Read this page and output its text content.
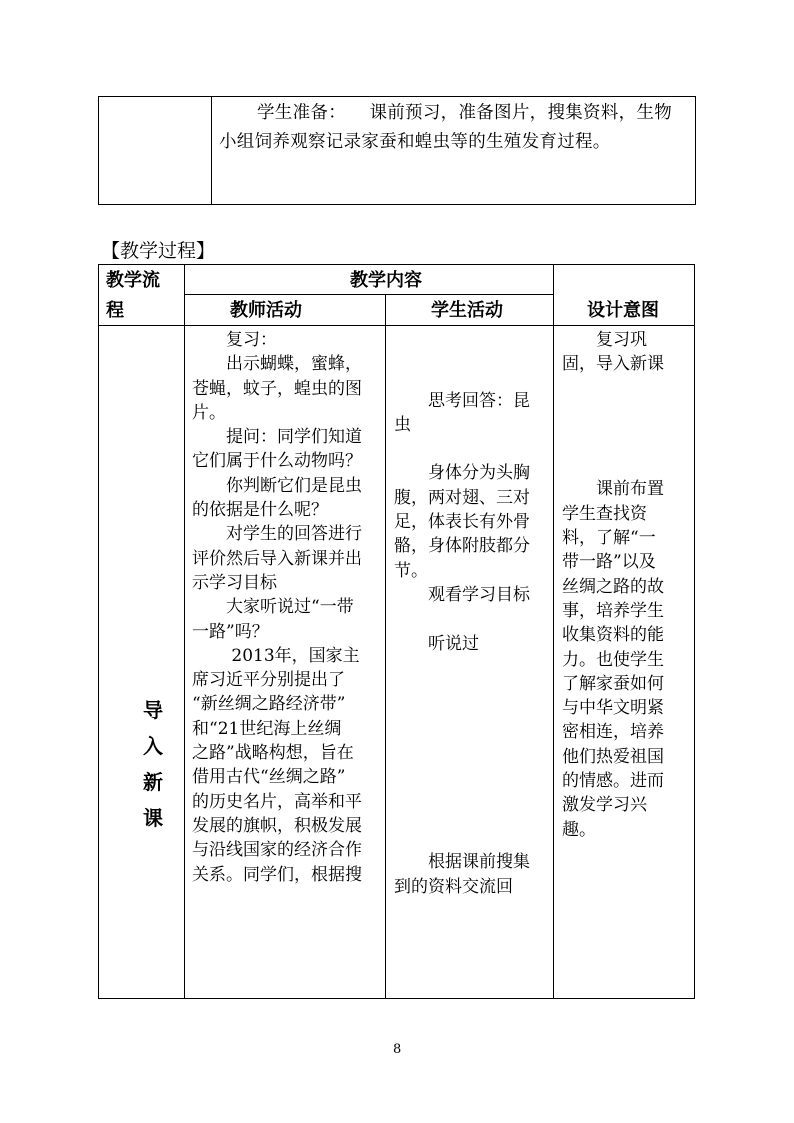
学生准备：    课前预习，准备图片，搜集资料，生物
小组饲养观察记录家蚕和蝗虫等的生殖发育过程。
【教学过程】
教学流
程
教学内容
教师活动	学生活动	设计意图
导
入
新
课
　　复习：
　　出示蝴蝶，蜜蜂，
苍蝇，蚊子，蝗虫的图
片。
　　提问：同学们知道
它们属于什么动物吗？
　　你判断它们是昆虫
的依据是什么呢？
　　对学生的回答进行
评价然后导入新课并出
示学习目标
　　大家听说过“一带
一路”吗？
　　 2013年，国家主
席习近平分别提出了
“新丝绸之路经济带”
和“21世纪海上丝绸
之路”战略构想，旨在
借用古代“丝绸之路”
的历史名片，高举和平
发展的旗帜，积极发展
与沿线国家的经济合作
关系。同学们，根据搜
　　思考回答：昆
虫
　　身体分为头胸
腹，两对翅、三对
足，体表长有外骨
骼，身体附肢都分
节。
　　观看学习目标
　　听说过
　　根据课前搜集
到的资料交流回
　　复习巩
固，导入新课
　　课前布置
学生查找资
料，了解“一
带一路”以及
丝绸之路的故
事，培养学生
收集资料的能
力。也使学生
了解家蚕如何
与中华文明紧
密相连，培养
他们热爱祖国
的情感。进而
激发学习兴
趣。
8
